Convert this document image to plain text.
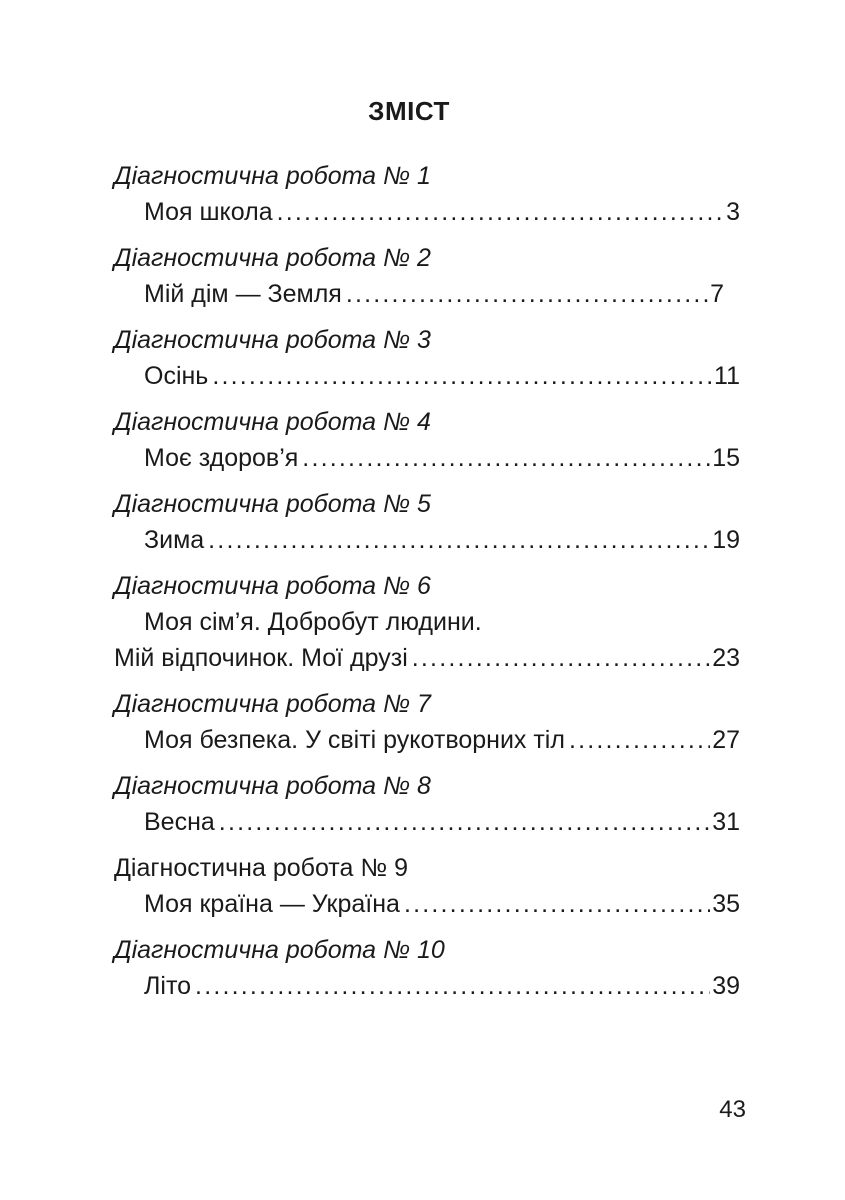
ЗМІСТ
Діагностична робота № 1
Моя школа .....	3
Діагностична робота № 2
Мій дім — Земля .....	7
Діагностична робота № 3
Осінь .....	11
Діагностична робота № 4
Моє здоров’я .....	15
Діагностична робота № 5
Зима .....	19
Діагностична робота № 6
Моя сім’я. Добробут людини.
Мій відпочинок. Мої друзі .....	23
Діагностична робота № 7
Моя безпека. У світі рукотворних тіл .....	27
Діагностична робота № 8
Весна .....	31
Діагностична робота № 9
Моя країна — Україна .....	35
Діагностична робота № 10
Літо .....	39
43
